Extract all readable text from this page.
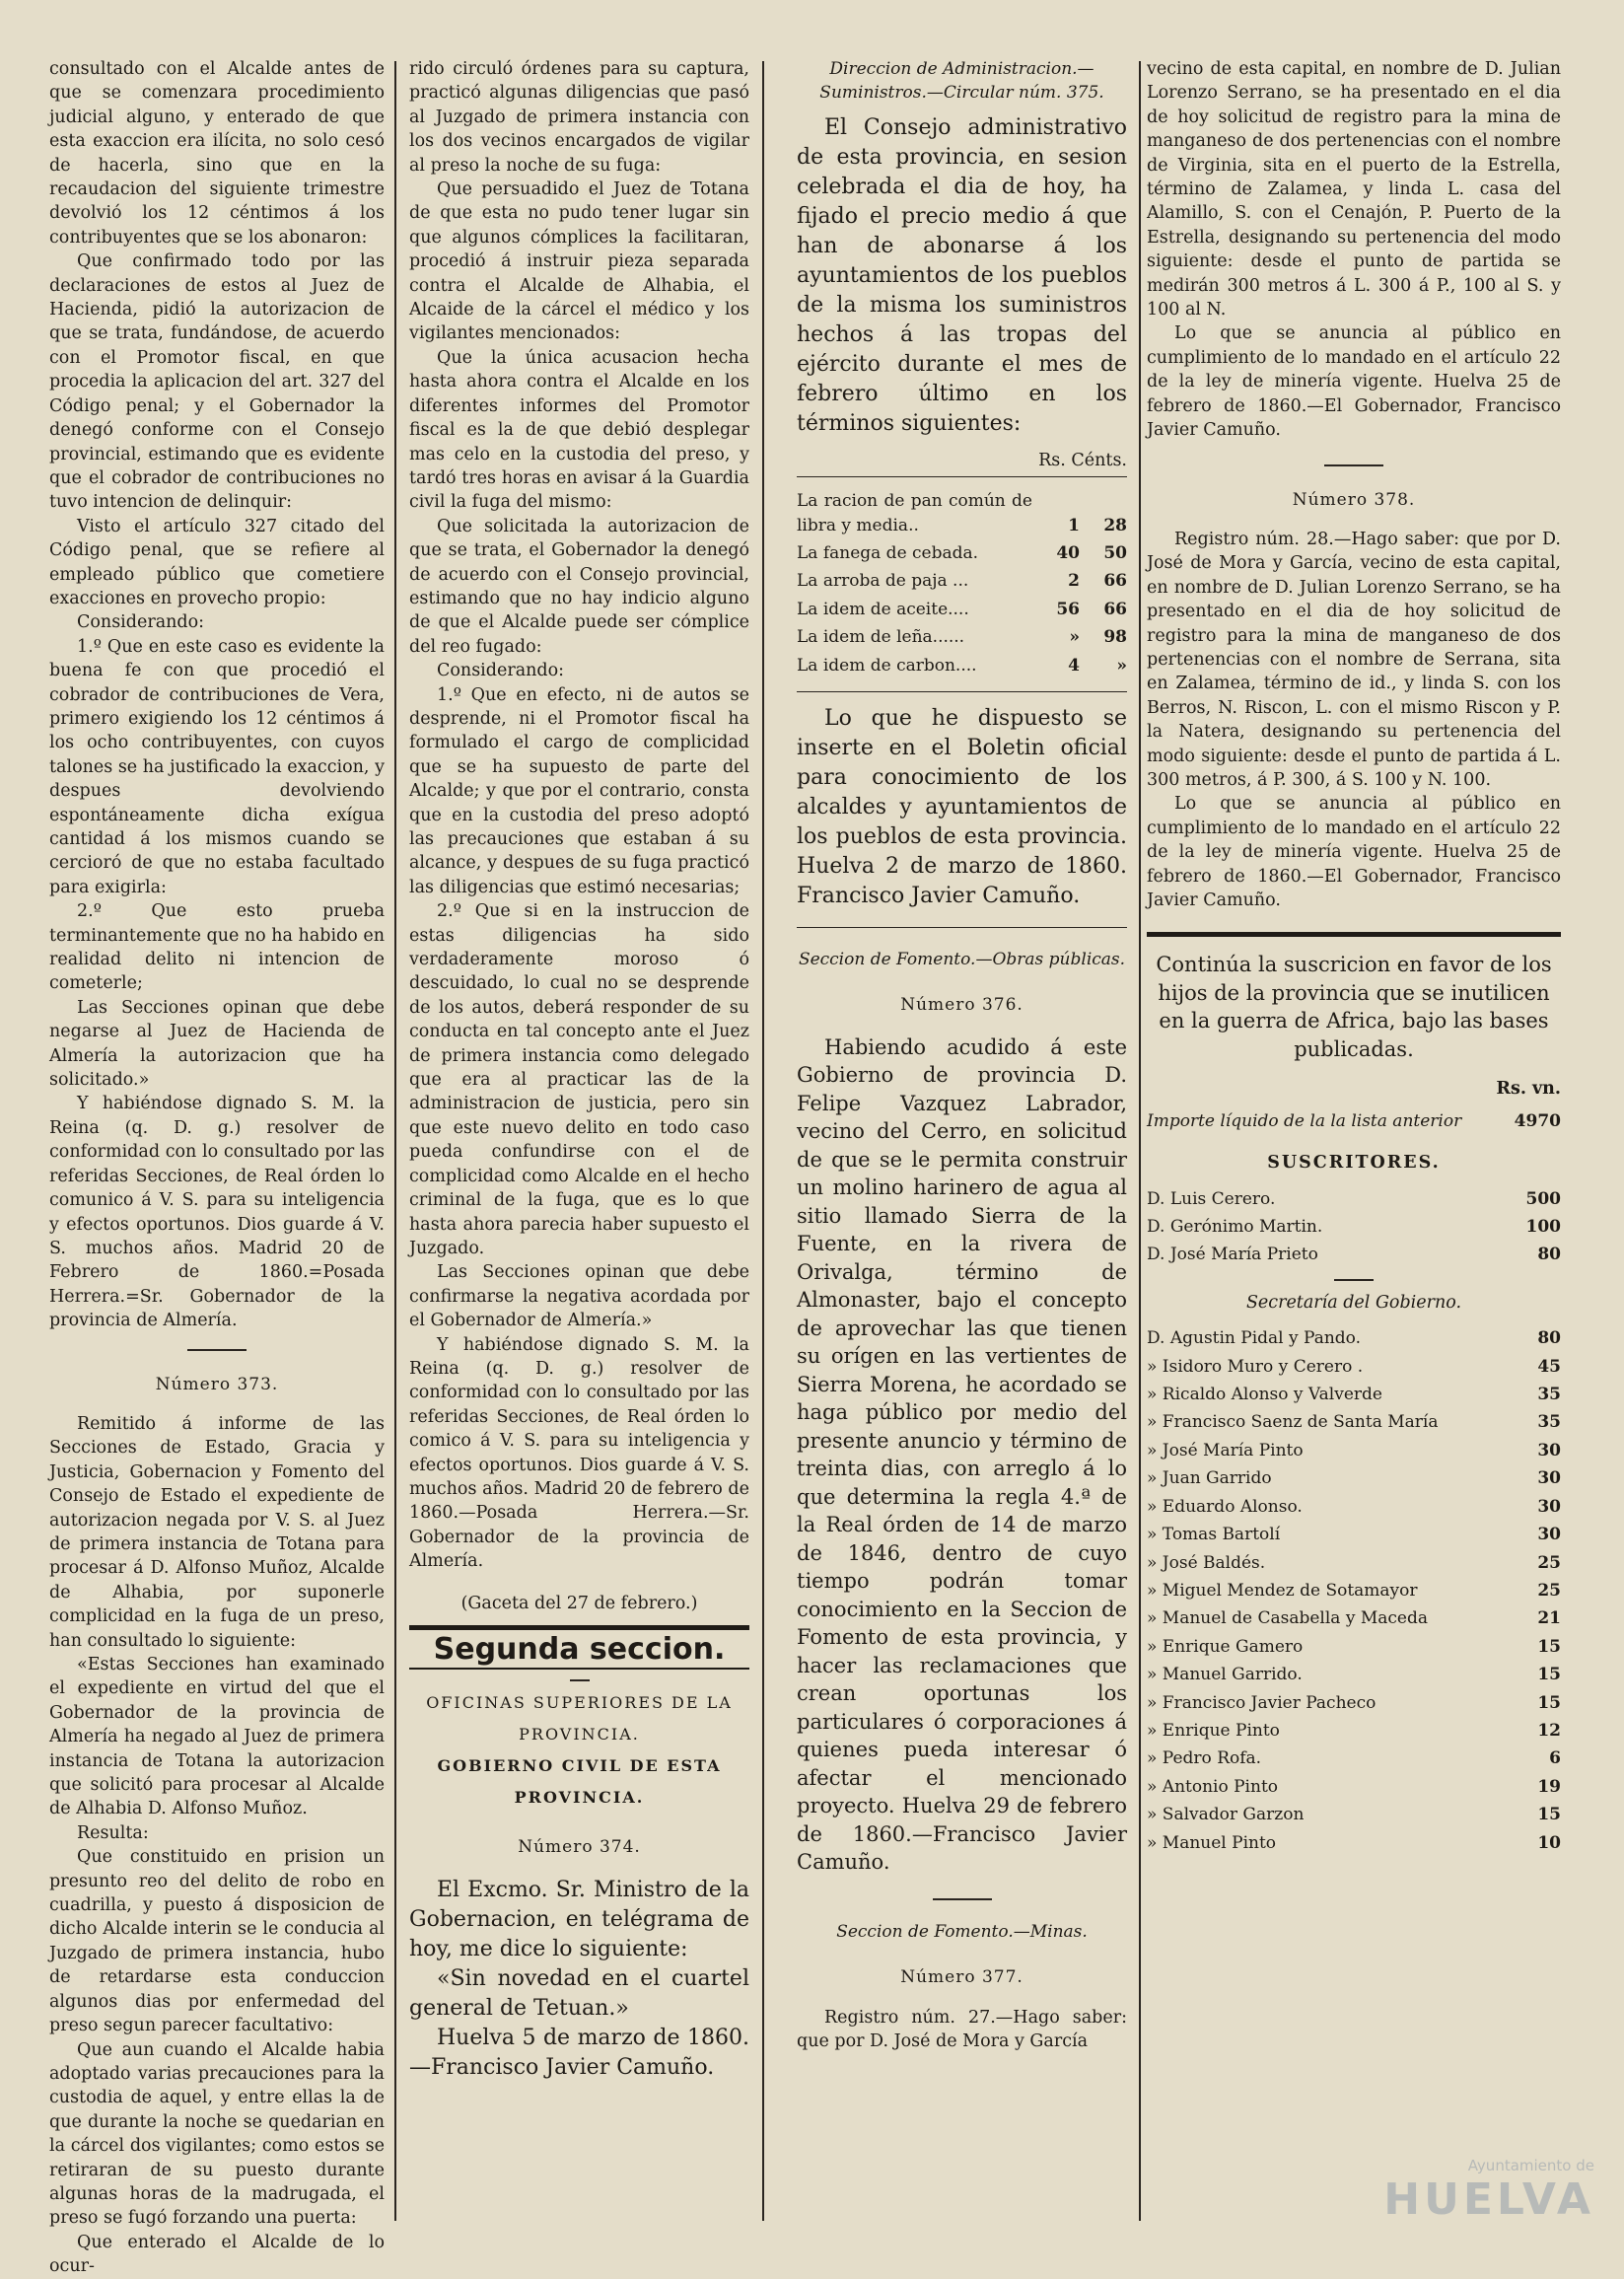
consultado con el Alcalde antes de que se comenzara procedimiento judicial alguno, y enterado de que esta exaccion era ilícita, no solo cesó de hacerla, sino que en la recaudacion del siguiente trimestre devolvió los 12 céntimos á los contribuyentes que se los abonaron:

Que confirmado todo por las declaraciones de estos al Juez de Hacienda, pidió la autorizacion de que se trata, fundándose, de acuerdo con el Promotor fiscal, en que procedia la aplicacion del art. 327 del Código penal; y el Gobernador la denegó conforme con el Consejo provincial, estimando que es evidente que el cobrador de contribuciones no tuvo intencion de delinquir:

Visto el artículo 327 citado del Código penal, que se refiere al empleado público que cometiere exacciones en provecho propio:

Considerando:

1.º Que en este caso es evidente la buena fe con que procedió el cobrador de contribuciones de Vera, primero exigiendo los 12 céntimos á los ocho contribuyentes, con cuyos talones se ha justificado la exaccion, y despues devolviendo espontáneamente dicha exígua cantidad á los mismos cuando se cercioró de que no estaba facultado para exigirla:

2.º Que esto prueba terminantemente que no ha habido en realidad delito ni intencion de cometerle;

Las Secciones opinan que debe negarse al Juez de Hacienda de Almería la autorizacion que ha solicitado.»

Y habiéndose dignado S. M. la Reina (q. D. g.) resolver de conformidad con lo consultado por las referidas Secciones, de Real órden lo comunico á V. S. para su inteligencia y efectos oportunos. Dios guarde á V. S. muchos años. Madrid 20 de Febrero de 1860.=Posada Herrera.=Sr. Gobernador de la provincia de Almería.

Número 373.

Remitido á informe de las Secciones de Estado, Gracia y Justicia, Gobernacion y Fomento del Consejo de Estado el expediente de autorizacion negada por V. S. al Juez de primera instancia de Totana para procesar á D. Alfonso Muñoz, Alcalde de Alhabia, por suponerle complicidad en la fuga de un preso, han consultado lo siguiente:

«Estas Secciones han examinado el expediente en virtud del que el Gobernador de la provincia de Almería ha negado al Juez de primera instancia de Totana la autorizacion que solicitó para procesar al Alcalde de Alhabia D. Alfonso Muñoz.

Resulta:

Que constituido en prision un presunto reo del delito de robo en cuadrilla, y puesto á disposicion de dicho Alcalde interin se le conducia al Juzgado de primera instancia, hubo de retardarse esta conduccion algunos dias por enfermedad del preso segun parecer facultativo:

Que aun cuando el Alcalde habia adoptado varias precauciones para la custodia de aquel, y entre ellas la de que durante la noche se quedarian en la cárcel dos vigilantes; como estos se retiraran de su puesto durante algunas horas de la madrugada, el preso se fugó forzando una puerta:

Que enterado el Alcalde de lo ocur-

rido circuló órdenes para su captura, practicó algunas diligencias que pasó al Juzgado de primera instancia con los dos vecinos encargados de vigilar al preso la noche de su fuga:

Que persuadido el Juez de Totana de que esta no pudo tener lugar sin que algunos cómplices la facilitaran, procedió á instruir pieza separada contra el Alcalde de Alhabia, el Alcaide de la cárcel el médico y los vigilantes mencionados:

Que la única acusacion hecha hasta ahora contra el Alcalde en los diferentes informes del Promotor fiscal es la de que debió desplegar mas celo en la custodia del preso, y tardó tres horas en avisar á la Guardia civil la fuga del mismo:

Que solicitada la autorizacion de que se trata, el Gobernador la denegó de acuerdo con el Consejo provincial, estimando que no hay indicio alguno de que el Alcalde puede ser cómplice del reo fugado:

Considerando:

1.º Que en efecto, ni de autos se desprende, ni el Promotor fiscal ha formulado el cargo de complicidad que se ha supuesto de parte del Alcalde; y que por el contrario, consta que en la custodia del preso adoptó las precauciones que estaban á su alcance, y despues de su fuga practicó las diligencias que estimó necesarias;

2.º Que si en la instruccion de estas diligencias ha sido verdaderamente moroso ó descuidado, lo cual no se desprende de los autos, deberá responder de su conducta en tal concepto ante el Juez de primera instancia como delegado que era al practicar las de la administracion de justicia, pero sin que este nuevo delito en todo caso pueda confundirse con el de complicidad como Alcalde en el hecho criminal de la fuga, que es lo que hasta ahora parecia haber supuesto el Juzgado.

Las Secciones opinan que debe confirmarse la negativa acordada por el Gobernador de Almería.»

Y habiéndose dignado S. M. la Reina (q. D. g.) resolver de conformidad con lo consultado por las referidas Secciones, de Real órden lo comico á V. S. para su inteligencia y efectos oportunos. Dios guarde á V. S. muchos años. Madrid 20 de febrero de 1860.—Posada Herrera.—Sr. Gobernador de la provincia de Almería.

(Gaceta del 27 de febrero.)

Segunda seccion.
OFICINAS SUPERIORES DE LA PROVINCIA.
GOBIERNO CIVIL DE ESTA PROVINCIA.
Número 374.

El Excmo. Sr. Ministro de la Gobernacion, en telégrama de hoy, me dice lo siguiente:

«Sin novedad en el cuartel general de Tetuan.»

Huelva 5 de marzo de 1860.—Francisco Javier Camuño.

Direccion de Administracion.—Suministros.—Circular núm. 375.

El Consejo administrativo de esta provincia, en sesion celebrada el dia de hoy, ha fijado el precio medio á que han de abonarse á los ayuntamientos de los pueblos de la misma los suministros hechos á las tropas del ejército durante el mes de febrero último en los términos siguientes:

Rs. Cénts.
La racion de pan común de libra y media..	1	28
La fanega de cebada.	40	50
La arroba de paja ...	2	66
La idem de aceite....	56	66
La idem de leña......	»	98
La idem de carbon....	4	»

Lo que he dispuesto se inserte en el Boletin oficial para conocimiento de los alcaldes y ayuntamientos de los pueblos de esta provincia. Huelva 2 de marzo de 1860. Francisco Javier Camuño.

Seccion de Fomento.—Obras públicas.
Número 376.

Habiendo acudido á este Gobierno de provincia D. Felipe Vazquez Labrador, vecino del Cerro, en solicitud de que se le permita construir un molino harinero de agua al sitio llamado Sierra de la Fuente, en la rivera de Orivalga, término de Almonaster, bajo el concepto de aprovechar las que tienen su orígen en las vertientes de Sierra Morena, he acordado se haga público por medio del presente anuncio y término de treinta dias, con arreglo á lo que determina la regla 4.ª de la Real órden de 14 de marzo de 1846, dentro de cuyo tiempo podrán tomar conocimiento en la Seccion de Fomento de esta provincia, y hacer las reclamaciones que crean oportunas los particulares ó corporaciones á quienes pueda interesar ó afectar el mencionado proyecto. Huelva 29 de febrero de 1860.—Francisco Javier Camuño.

Seccion de Fomento.—Minas.
Número 377.

Registro núm. 27.—Hago saber: que por D. José de Mora y García

vecino de esta capital, en nombre de D. Julian Lorenzo Serrano, se ha presentado en el dia de hoy solicitud de registro para la mina de manganeso de dos pertenencias con el nombre de Virginia, sita en el puerto de la Estrella, término de Zalamea, y linda L. casa del Alamillo, S. con el Cenajón, P. Puerto de la Estrella, designando su pertenencia del modo siguiente: desde el punto de partida se medirán 300 metros á L. 300 á P., 100 al S. y 100 al N.

Lo que se anuncia al público en cumplimiento de lo mandado en el artículo 22 de la ley de minería vigente. Huelva 25 de febrero de 1860.—El Gobernador, Francisco Javier Camuño.

Número 378.

Registro núm. 28.—Hago saber: que por D. José de Mora y García, vecino de esta capital, en nombre de D. Julian Lorenzo Serrano, se ha presentado en el dia de hoy solicitud de registro para la mina de manganeso de dos pertenencias con el nombre de Serrana, sita en Zalamea, término de id., y linda S. con los Berros, N. Riscon, L. con el mismo Riscon y P. la Natera, designando su pertenencia del modo siguiente: desde el punto de partida á L. 300 metros, á P. 300, á S. 100 y N. 100.

Lo que se anuncia al público en cumplimiento de lo mandado en el artículo 22 de la ley de minería vigente. Huelva 25 de febrero de 1860.—El Gobernador, Francisco Javier Camuño.

Continúa la suscricion en favor de los hijos de la provincia que se inutilicen en la guerra de Africa, bajo las bases publicadas.

Rs. vn.
Importe líquido de la la lista anterior	4970
SUSCRITORES.
D. Luis Cerero.	500
D. Gerónimo Martin.	100
D. José María Prieto	80
Secretaría del Gobierno.
D. Agustin Pidal y Pando.	80
» Isidoro Muro y Cerero .	45
» Ricaldo Alonso y Valverde	35
» Francisco Saenz de Santa María	35
» José María Pinto	30
» Juan Garrido	30
» Eduardo Alonso.	30
» Tomas Bartolí	30
» José Baldés.	25
» Miguel Mendez de Sotamayor	25
» Manuel de Casabella y Maceda	21
» Enrique Gamero	15
» Manuel Garrido.	15
» Francisco Javier Pacheco	15
» Enrique Pinto	12
» Pedro Rofa.	6
» Antonio Pinto	19
» Salvador Garzon	15
» Manuel Pinto	10
Ayuntamiento de
HUELVA
